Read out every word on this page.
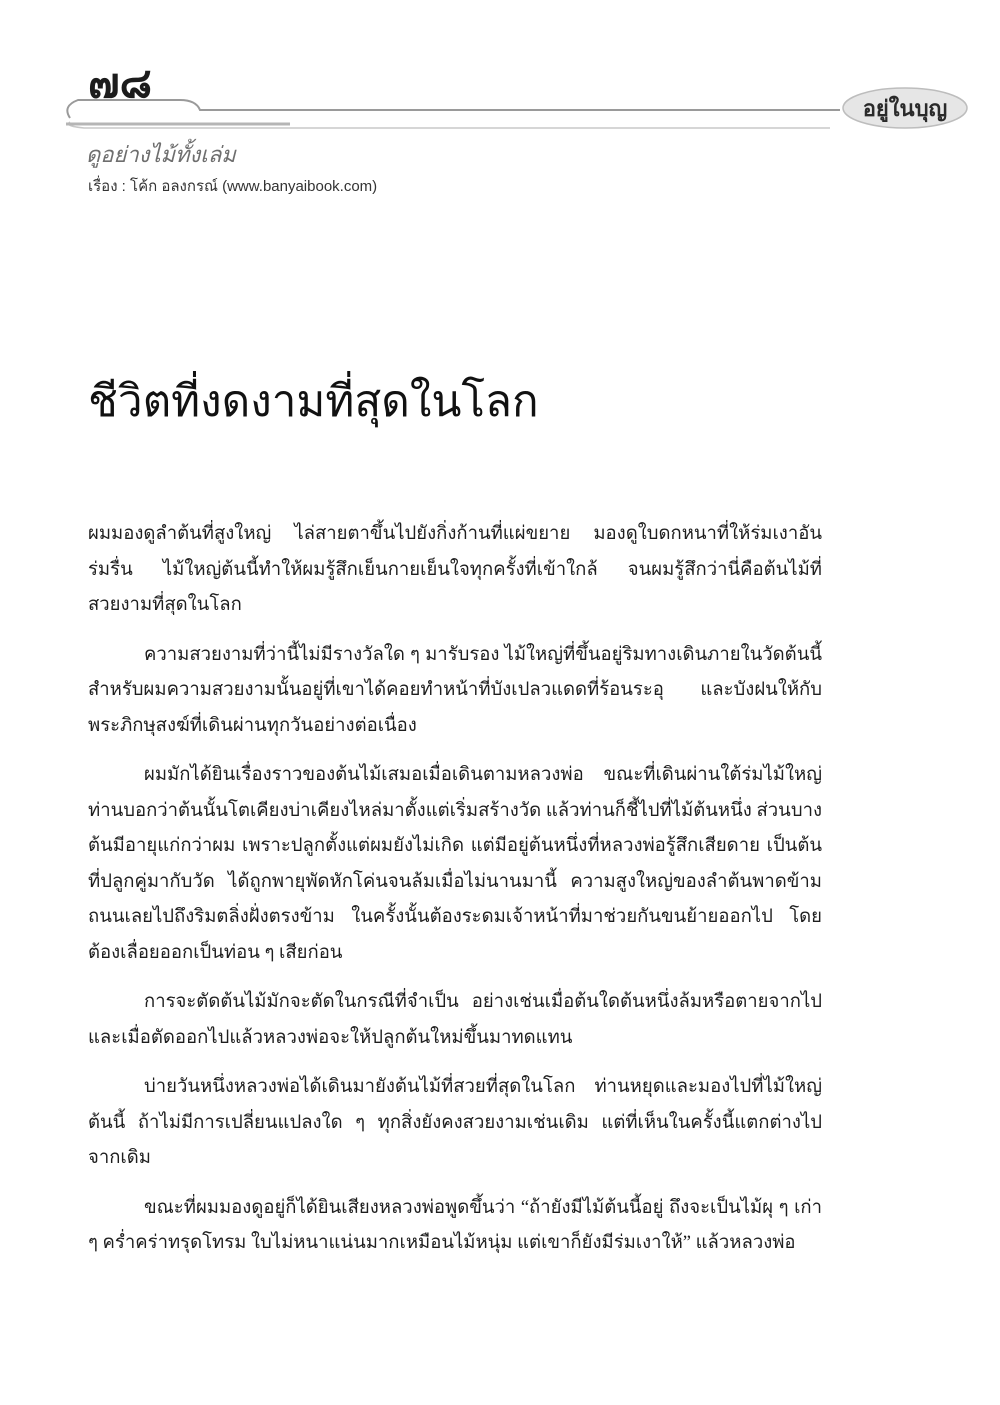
๗๘
อยู่ในบุญ
ดูอย่างไม้ทั้งเล่ม
เรื่อง : โค้ก อลงกรณ์ (www.banyaibook.com)
ชีวิตที่งดงามที่สุดในโลก

ผมมองดูลำต้นที่สูงใหญ่ ไล่สายตาขึ้นไปยังกิ่งก้านที่แผ่ขยาย มองดูใบดกหนาที่ให้ร่มเงาอันร่มรื่น ไม้ใหญ่ต้นนี้ทำให้ผมรู้สึกเย็นกายเย็นใจทุกครั้งที่เข้าใกล้ จนผมรู้สึกว่านี่คือต้นไม้ที่สวยงามที่สุดในโลก

ความสวยงามที่ว่านี้ไม่มีรางวัลใด ๆ มารับรอง ไม้ใหญ่ที่ขึ้นอยู่ริมทางเดินภายในวัดต้นนี้ สำหรับผมความสวยงามนั้นอยู่ที่เขาได้คอยทำหน้าที่บังเปลวแดดที่ร้อนระอุ และบังฝนให้กับพระภิกษุสงฆ์ที่เดินผ่านทุกวันอย่างต่อเนื่อง

ผมมักได้ยินเรื่องราวของต้นไม้เสมอเมื่อเดินตามหลวงพ่อ ขณะที่เดินผ่านใต้ร่มไม้ใหญ่ ท่านบอกว่าต้นนั้นโตเคียงบ่าเคียงไหล่มาตั้งแต่เริ่มสร้างวัด แล้วท่านก็ชี้ไปที่ไม้ต้นหนึ่ง ส่วนบางต้นมีอายุแก่กว่าผม เพราะปลูกตั้งแต่ผมยังไม่เกิด แต่มีอยู่ต้นหนึ่งที่หลวงพ่อรู้สึกเสียดาย เป็นต้นที่ปลูกคู่มากับวัด ได้ถูกพายุพัดหักโค่นจนล้มเมื่อไม่นานมานี้ ความสูงใหญ่ของลำต้นพาดข้ามถนนเลยไปถึงริมตลิ่งฝั่งตรงข้าม ในครั้งนั้นต้องระดมเจ้าหน้าที่มาช่วยกันขนย้ายออกไป โดยต้องเลื่อยออกเป็นท่อน ๆ เสียก่อน

การจะตัดต้นไม้มักจะตัดในกรณีที่จำเป็น อย่างเช่นเมื่อต้นใดต้นหนึ่งล้มหรือตายจากไป และเมื่อตัดออกไปแล้วหลวงพ่อจะให้ปลูกต้นใหม่ขึ้นมาทดแทน

บ่ายวันหนึ่งหลวงพ่อได้เดินมายังต้นไม้ที่สวยที่สุดในโลก ท่านหยุดและมองไปที่ไม้ใหญ่ต้นนี้ ถ้าไม่มีการเปลี่ยนแปลงใด ๆ ทุกสิ่งยังคงสวยงามเช่นเดิม แต่ที่เห็นในครั้งนี้แตกต่างไปจากเดิม

ขณะที่ผมมองดูอยู่ก็ได้ยินเสียงหลวงพ่อพูดขึ้นว่า “ถ้ายังมีไม้ต้นนี้อยู่ ถึงจะเป็นไม้ผุ ๆ เก่า ๆ คร่ำคร่าทรุดโทรม ใบไม่หนาแน่นมากเหมือนไม้หนุ่ม แต่เขาก็ยังมีร่มเงาให้” แล้วหลวงพ่อ
